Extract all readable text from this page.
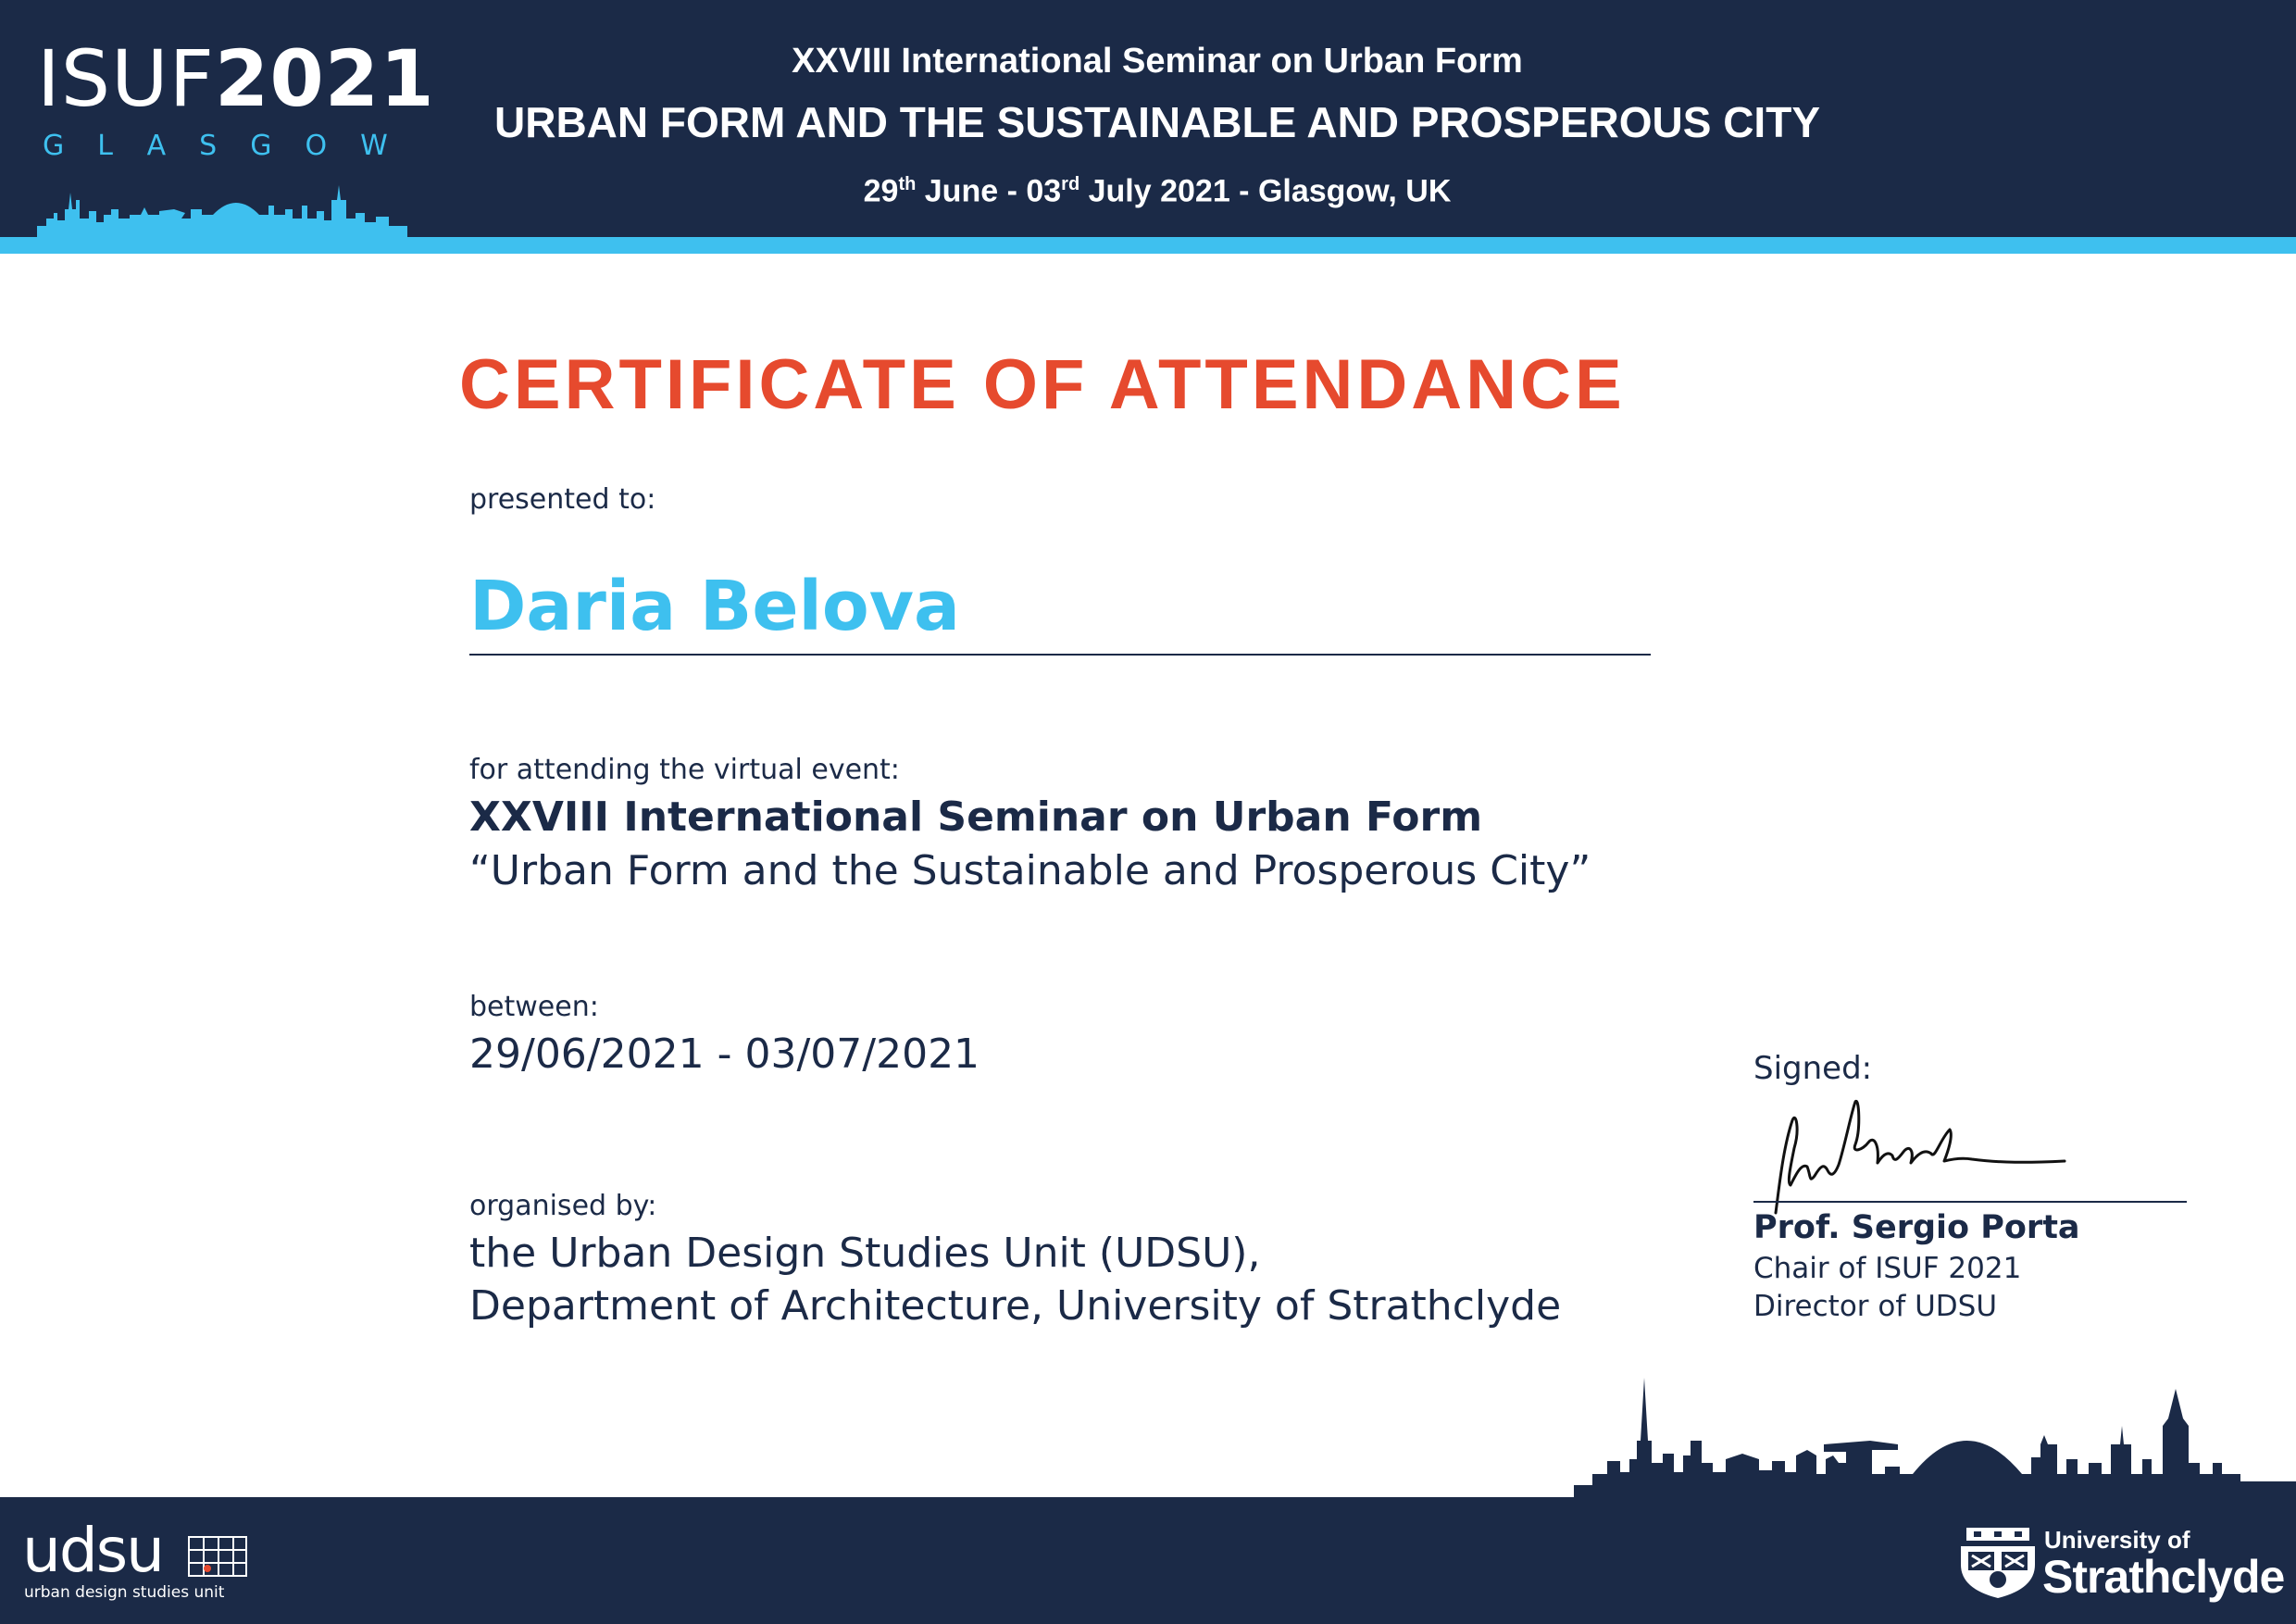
ISUF2021
GLASGOW
XXVIII International Seminar on Urban Form
URBAN FORM AND THE SUSTAINABLE AND PROSPEROUS CITY
29th June - 03rd July 2021 - Glasgow, UK
CERTIFICATE OF ATTENDANCE
presented to:
Daria Belova
for attending the virtual event:
XXVIII International Seminar on Urban Form
“Urban Form and the Sustainable and Prosperous City”
between:
29/06/2021 - 03/07/2021
organised by:
the Urban Design Studies Unit (UDSU),
Department of Architecture, University of Strathclyde
Signed:
Prof. Sergio Porta
Chair of ISUF 2021
Director of UDSU
udsu
urban design studies unit
University of
Strathclyde
